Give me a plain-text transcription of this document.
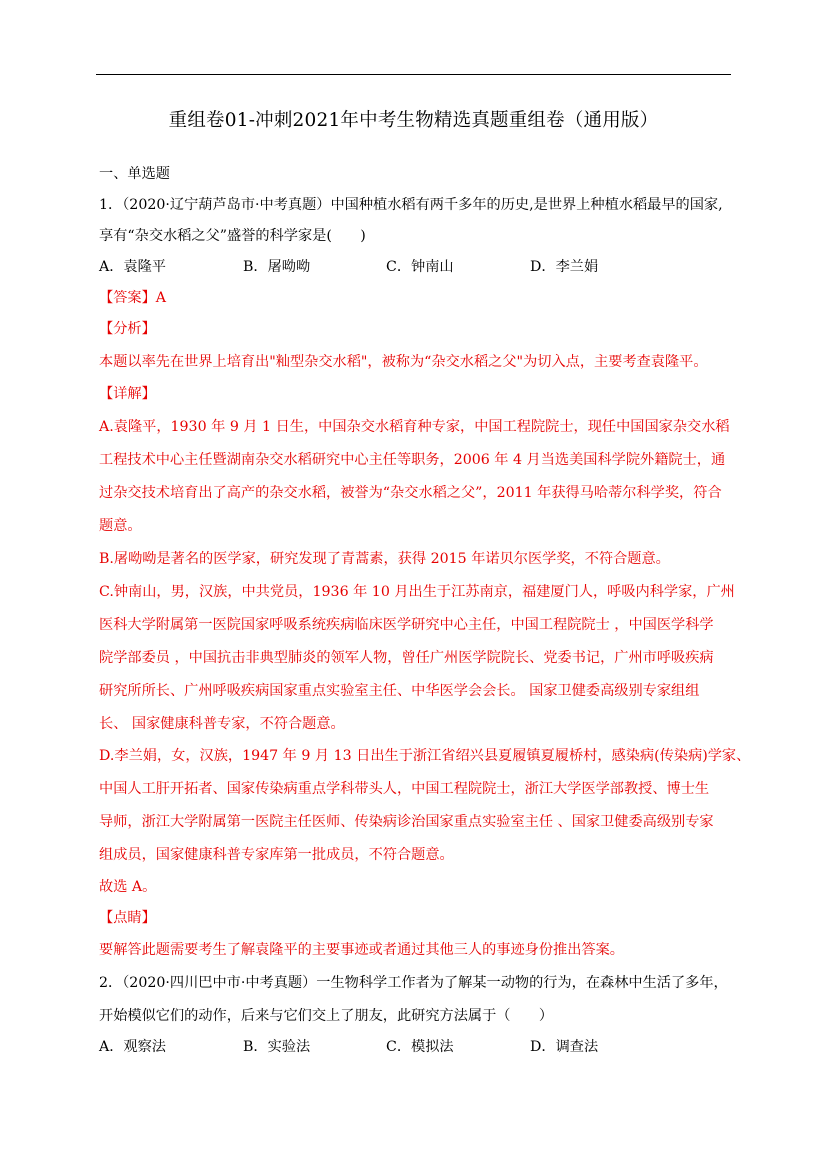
重组卷01-冲刺2021年中考生物精选真题重组卷（通用版）
一、单选题
1．（2020·辽宁葫芦岛市·中考真题）中国种植水稻有两千多年的历史,是世界上种植水稻最早的国家,
享有“杂交水稻之父”盛誉的科学家是(　　)
A．袁隆平	B．屠呦呦	C．钟南山	D．李兰娟
【答案】A
【分析】
本题以率先在世界上培育出"籼型杂交水稻"，被称为“杂交水稻之父"为切入点，主要考查袁隆平。
【详解】
A.袁隆平，1930 年 9 月 1 日生，中国杂交水稻育种专家，中国工程院院士，现任中国国家杂交水稻
工程技术中心主任暨湖南杂交水稻研究中心主任等职务，2006 年 4 月当选美国科学院外籍院士，通
过杂交技术培育出了高产的杂交水稻，被誉为“杂交水稻之父”，2011 年获得马哈蒂尔科学奖，符合
题意。
B.屠呦呦是著名的医学家，研究发现了青蒿素，获得 2015 年诺贝尔医学奖，不符合题意。
C.钟南山，男，汉族，中共党员，1936 年 10 月出生于江苏南京，福建厦门人，呼吸内科学家，广州
医科大学附属第一医院国家呼吸系统疾病临床医学研究中心主任，中国工程院院士 ，中国医学科学
院学部委员 ，中国抗击非典型肺炎的领军人物，曾任广州医学院院长、党委书记，广州市呼吸疾病
研究所所长、广州呼吸疾病国家重点实验室主任、中华医学会会长。 国家卫健委高级别专家组组
长、 国家健康科普专家，不符合题意。
D.李兰娟，女，汉族，1947 年 9 月 13 日出生于浙江省绍兴县夏履镇夏履桥村，感染病(传染病)学家、
中国人工肝开拓者、国家传染病重点学科带头人，中国工程院院士，浙江大学医学部教授、博士生
导师，浙江大学附属第一医院主任医师、传染病诊治国家重点实验室主任 、国家卫健委高级别专家
组成员，国家健康科普专家库第一批成员，不符合题意。
故选 A。
【点睛】
要解答此题需要考生了解袁隆平的主要事迹或者通过其他三人的事迹身份推出答案。
2．（2020·四川巴中市·中考真题）一生物科学工作者为了解某一动物的行为，在森林中生活了多年，
开始模似它们的动作，后来与它们交上了朋友，此研究方法属于（　　）
A．观察法	B．实验法	C．模拟法	D．调查法
